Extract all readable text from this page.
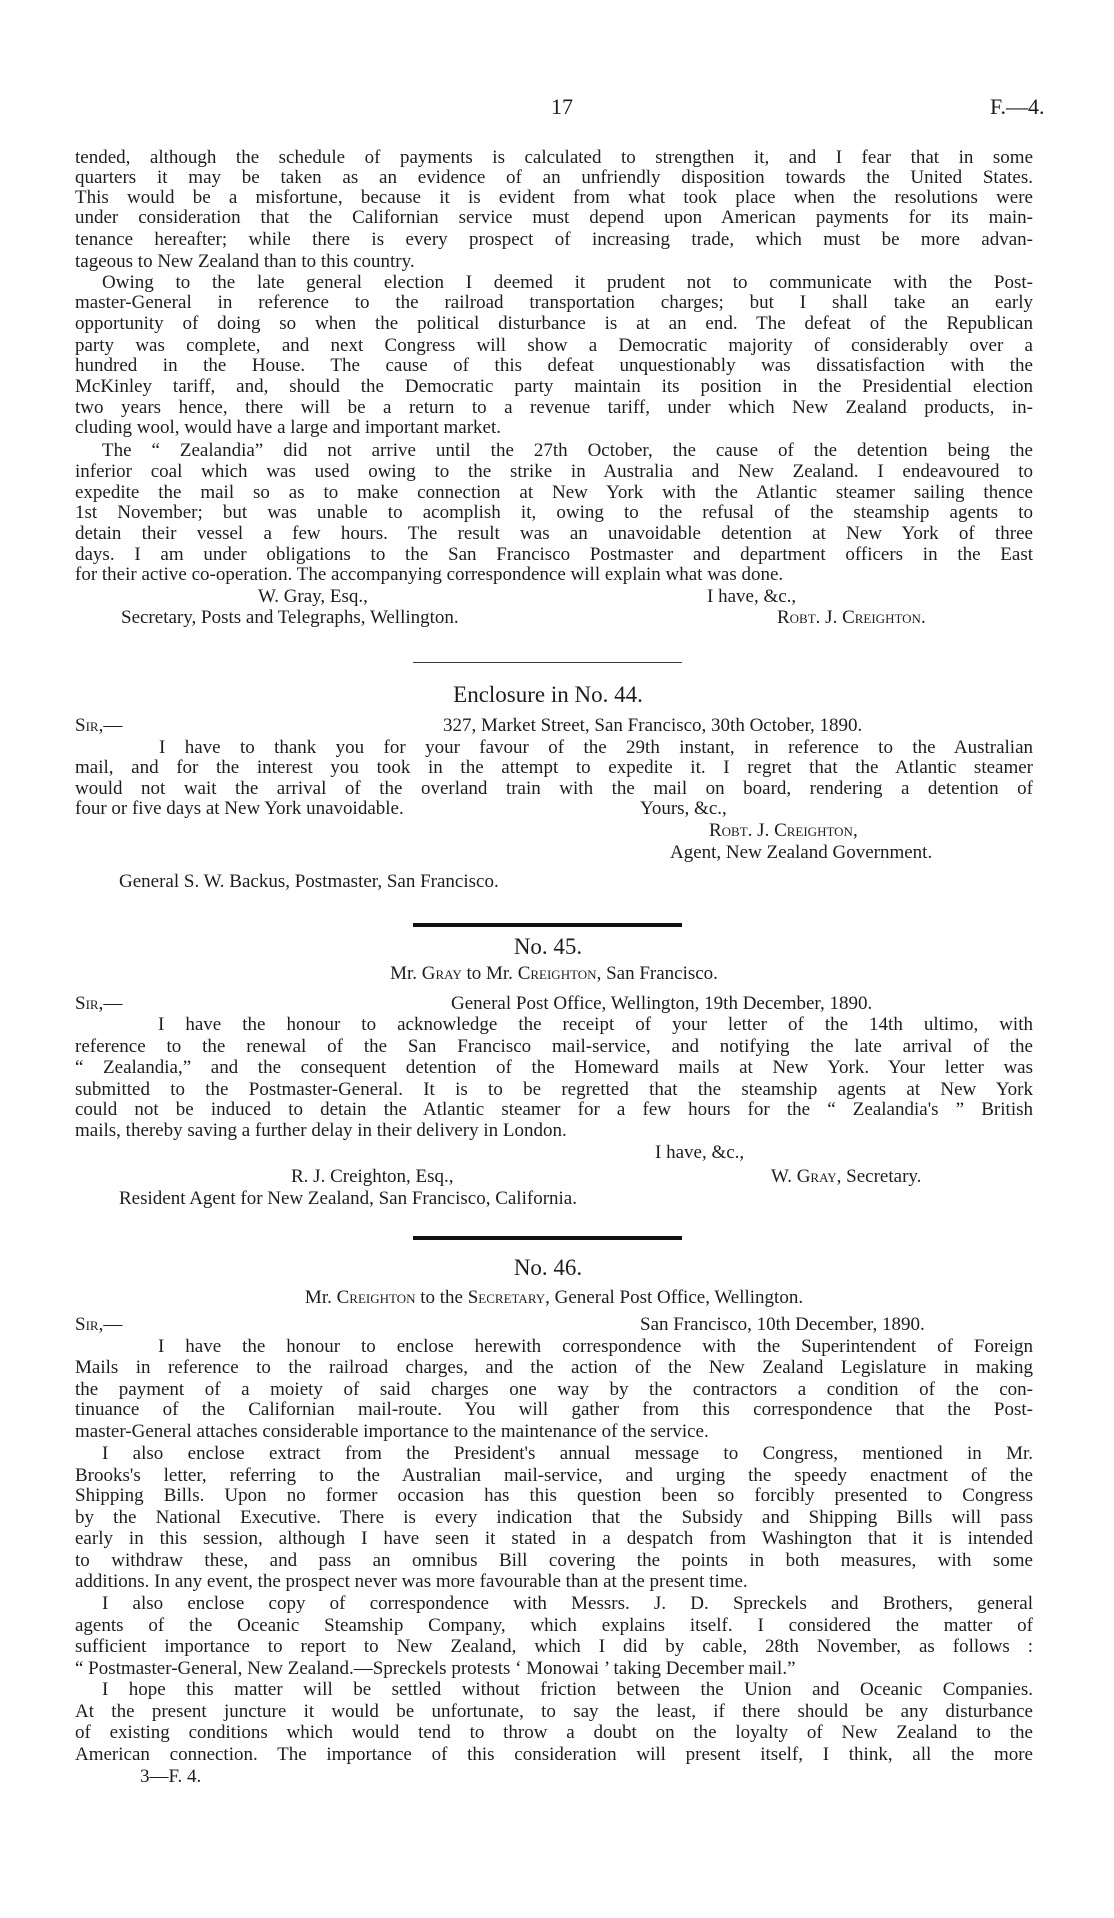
17	F.—4.
tended, although the schedule of payments is calculated to strengthen it, and I fear that in some
quarters it may be taken as an evidence of an unfriendly disposition towards the United States.
This would be a misfortune, because it is evident from what took place when the resolutions were
under consideration that the Californian service must depend upon American payments for its main-
tenance hereafter; while there is every prospect of increasing trade, which must be more advan-
tageous to New Zealand than to this country.
Owing to the late general election I deemed it prudent not to communicate with the Post-
master-General in reference to the railroad transportation charges; but I shall take an early
opportunity of doing so when the political disturbance is at an end. The defeat of the Republican
party was complete, and next Congress will show a Democratic majority of considerably over a
hundred in the House. The cause of this defeat unquestionably was dissatisfaction with the
McKinley tariff, and, should the Democratic party maintain its position in the Presidential election
two years hence, there will be a return to a revenue tariff, under which New Zealand products, in-
cluding wool, would have a large and important market.
The “ Zealandia” did not arrive until the 27th October, the cause of the detention being the
inferior coal which was used owing to the strike in Australia and New Zealand. I endeavoured to
expedite the mail so as to make connection at New York with the Atlantic steamer sailing thence
1st November; but was unable to acomplish it, owing to the refusal of the steamship agents to
detain their vessel a few hours. The result was an unavoidable detention at New York of three
days. I am under obligations to the San Francisco Postmaster and department officers in the East
for their active co-operation. The accompanying correspondence will explain what was done.
W. Gray, Esq.,	I have, &c.,
Secretary, Posts and Telegraphs, Wellington.	Robt. J. Creighton.
Enclosure in No. 44.
Sir,—	327, Market Street, San Francisco, 30th October, 1890.
I have to thank you for your favour of the 29th instant, in reference to the Australian
mail, and for the interest you took in the attempt to expedite it. I regret that the Atlantic steamer
would not wait the arrival of the overland train with the mail on board, rendering a detention of
four or five days at New York unavoidable.	Yours, &c.,
Robt. J. Creighton,
Agent, New Zealand Government.
General S. W. Backus, Postmaster, San Francisco.
No. 45.
Mr. Gray to Mr. Creighton, San Francisco.
Sir,—	General Post Office, Wellington, 19th December, 1890.
I have the honour to acknowledge the receipt of your letter of the 14th ultimo, with
reference to the renewal of the San Francisco mail-service, and notifying the late arrival of the
“ Zealandia,” and the consequent detention of the Homeward mails at New York. Your letter was
submitted to the Postmaster-General. It is to be regretted that the steamship agents at New York
could not be induced to detain the Atlantic steamer for a few hours for the “ Zealandia's ” British
mails, thereby saving a further delay in their delivery in London.
I have, &c.,
R. J. Creighton, Esq.,	W. Gray, Secretary.
Resident Agent for New Zealand, San Francisco, California.
No. 46.
Mr. Creighton to the Secretary, General Post Office, Wellington.
Sir,—	San Francisco, 10th December, 1890.
I have the honour to enclose herewith correspondence with the Superintendent of Foreign
Mails in reference to the railroad charges, and the action of the New Zealand Legislature in making
the payment of a moiety of said charges one way by the contractors a condition of the con-
tinuance of the Californian mail-route. You will gather from this correspondence that the Post-
master-General attaches considerable importance to the maintenance of the service.
I also enclose extract from the President's annual message to Congress, mentioned in Mr.
Brooks's letter, referring to the Australian mail-service, and urging the speedy enactment of the
Shipping Bills. Upon no former occasion has this question been so forcibly presented to Congress
by the National Executive. There is every indication that the Subsidy and Shipping Bills will pass
early in this session, although I have seen it stated in a despatch from Washington that it is intended
to withdraw these, and pass an omnibus Bill covering the points in both measures, with some
additions. In any event, the prospect never was more favourable than at the present time.
I also enclose copy of correspondence with Messrs. J. D. Spreckels and Brothers, general
agents of the Oceanic Steamship Company, which explains itself. I considered the matter of
sufficient importance to report to New Zealand, which I did by cable, 28th November, as follows :
“ Postmaster-General, New Zealand.—Spreckels protests ‘ Monowai ’ taking December mail.”
I hope this matter will be settled without friction between the Union and Oceanic Companies.
At the present juncture it would be unfortunate, to say the least, if there should be any disturbance
of existing conditions which would tend to throw a doubt on the loyalty of New Zealand to the
American connection. The importance of this consideration will present itself, I think, all the more
3—F. 4.
